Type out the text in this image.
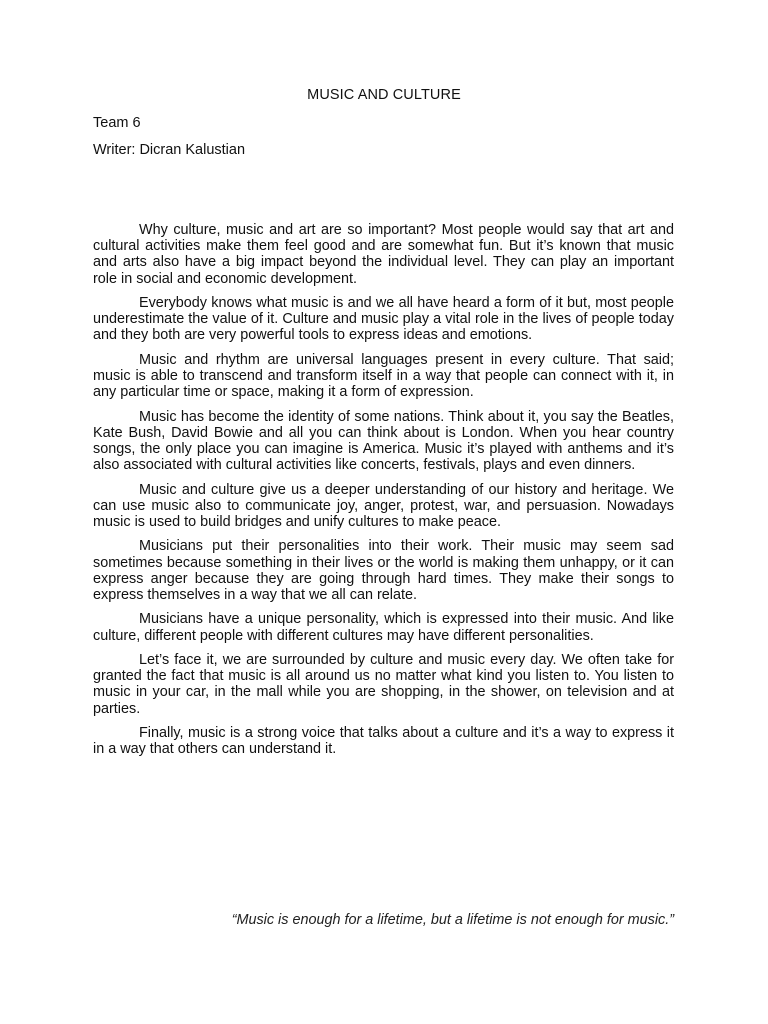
MUSIC AND CULTURE
Team 6
Writer: Dicran Kalustian

Why culture, music and art are so important? Most people would say that art and cultural activities make them feel good and are somewhat fun. But it’s known that music and arts also have a big impact beyond the individual level. They can play an important role in social and economic development.

Everybody knows what music is and we all have heard a form of it but, most people underestimate the value of it. Culture and music play a vital role in the lives of people today and they both are very powerful tools to express ideas and emotions.

Music and rhythm are universal languages present in every culture. That said; music is able to transcend and transform itself in a way that people can connect with it, in any particular time or space, making it a form of expression.

Music has become the identity of some nations. Think about it, you say the Beatles, Kate Bush, David Bowie and all you can think about is London. When you hear country songs, the only place you can imagine is America. Music it’s played with anthems and it’s also associated with cultural activities like concerts, festivals, plays and even dinners.

Music and culture give us a deeper understanding of our history and heritage. We can use music also to communicate joy, anger, protest, war, and persuasion. Nowadays music is used to build bridges and unify cultures to make peace.

Musicians put their personalities into their work. Their music may seem sad sometimes because something in their lives or the world is making them unhappy, or it can express anger because they are going through hard times. They make their songs to express themselves in a way that we all can relate.

Musicians have a unique personality, which is expressed into their music. And like culture, different people with different cultures may have different personalities.

Let’s face it, we are surrounded by culture and music every day. We often take for granted the fact that music is all around us no matter what kind you listen to. You listen to music in your car, in the mall while you are shopping, in the shower, on television and at parties.

Finally, music is a strong voice that talks about a culture and it’s a way to express it in a way that others can understand it.

“Music is enough for a lifetime, but a lifetime is not enough for music.”
